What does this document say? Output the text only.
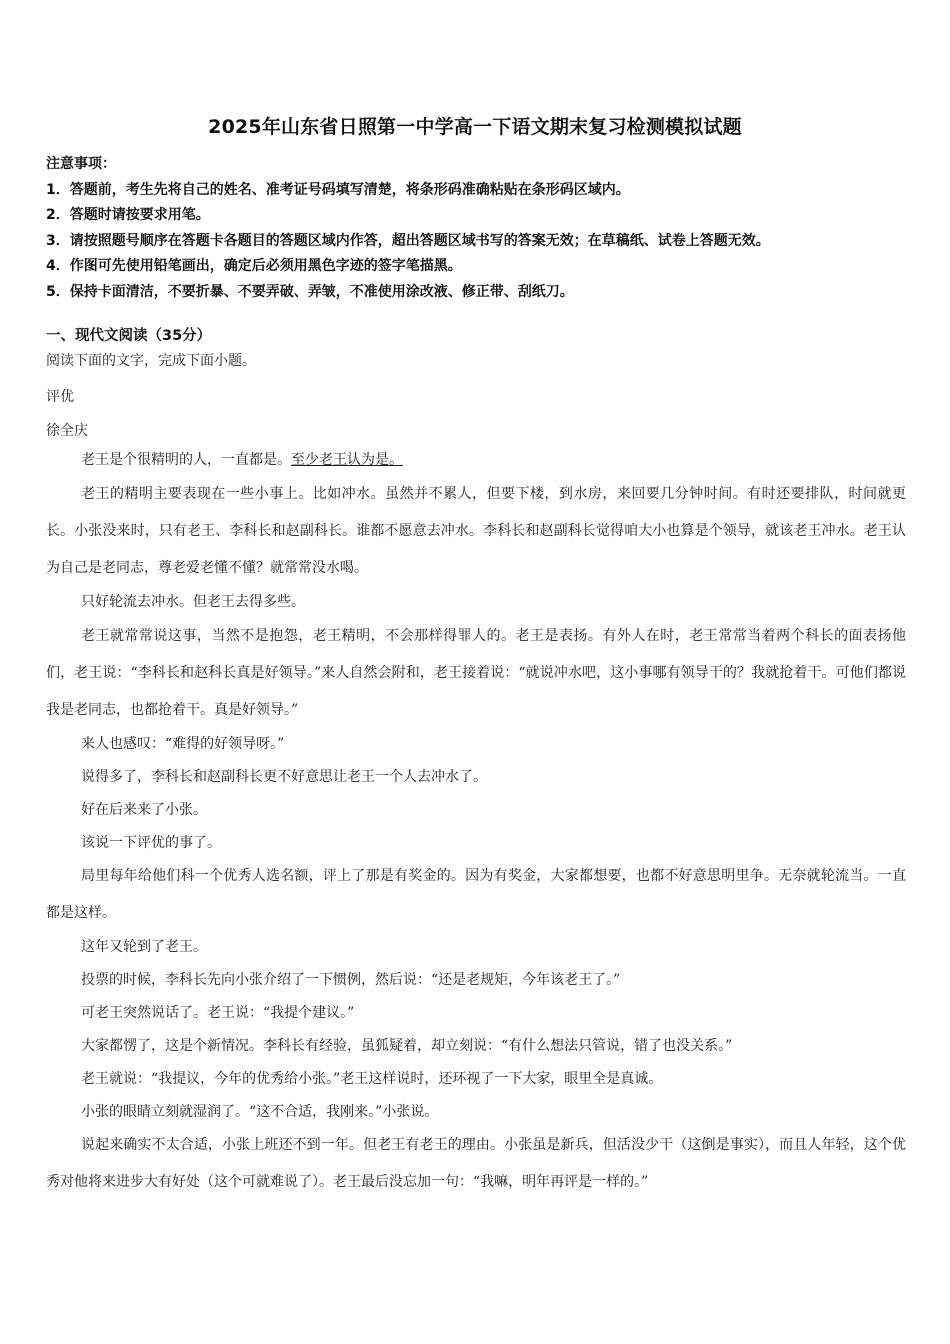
2025年山东省日照第一中学高一下语文期末复习检测模拟试题
注意事项：
1．答题前，考生先将自己的姓名、准考证号码填写清楚，将条形码准确粘贴在条形码区域内。
2．答题时请按要求用笔。
3．请按照题号顺序在答题卡各题目的答题区域内作答，超出答题区域书写的答案无效；在草稿纸、试卷上答题无效。
4．作图可先使用铅笔画出，确定后必须用黑色字迹的签字笔描黑。
5．保持卡面清洁，不要折暴、不要弄破、弄皱，不准使用涂改液、修正带、刮纸刀。
一、现代文阅读（35分）
阅读下面的文字，完成下面小题。
评优
徐全庆
老王是个很精明的人，一直都是。至少老王认为是。
老王的精明主要表现在一些小事上。比如冲水。虽然并不累人，但要下楼，到水房，来回要几分钟时间。有时还要排队，时间就更长。小张没来时，只有老王、李科长和赵副科长。谁都不愿意去冲水。李科长和赵副科长觉得咱大小也算是个领导，就该老王冲水。老王认为自己是老同志，尊老爱老懂不懂？就常常没水喝。
只好轮流去冲水。但老王去得多些。
老王就常常说这事，当然不是抱怨，老王精明，不会那样得罪人的。老王是表扬。有外人在时，老王常常当着两个科长的面表扬他们，老王说：“李科长和赵科长真是好领导。”来人自然会附和，老王接着说：“就说冲水吧，这小事哪有领导干的？我就抢着干。可他们都说我是老同志，也都抢着干。真是好领导。”
来人也感叹：“难得的好领导呀。”
说得多了，李科长和赵副科长更不好意思让老王一个人去冲水了。
好在后来来了小张。
该说一下评优的事了。
局里每年给他们科一个优秀人选名额，评上了那是有奖金的。因为有奖金，大家都想要，也都不好意思明里争。无奈就轮流当。一直都是这样。
这年又轮到了老王。
投票的时候，李科长先向小张介绍了一下惯例，然后说：“还是老规矩，今年该老王了。”
可老王突然说话了。老王说：“我提个建议。”
大家都愣了，这是个新情况。李科长有经验，虽狐疑着，却立刻说：“有什么想法只管说，错了也没关系。”
老王就说：“我提议，今年的优秀给小张。”老王这样说时，还环视了一下大家，眼里全是真诚。
小张的眼睛立刻就湿润了。“这不合适，我刚来。”小张说。
说起来确实不太合适，小张上班还不到一年。但老王有老王的理由。小张虽是新兵，但活没少干（这倒是事实），而且人年轻，这个优秀对他将来进步大有好处（这个可就难说了）。老王最后没忘加一句：“我嘛，明年再评是一样的。”
